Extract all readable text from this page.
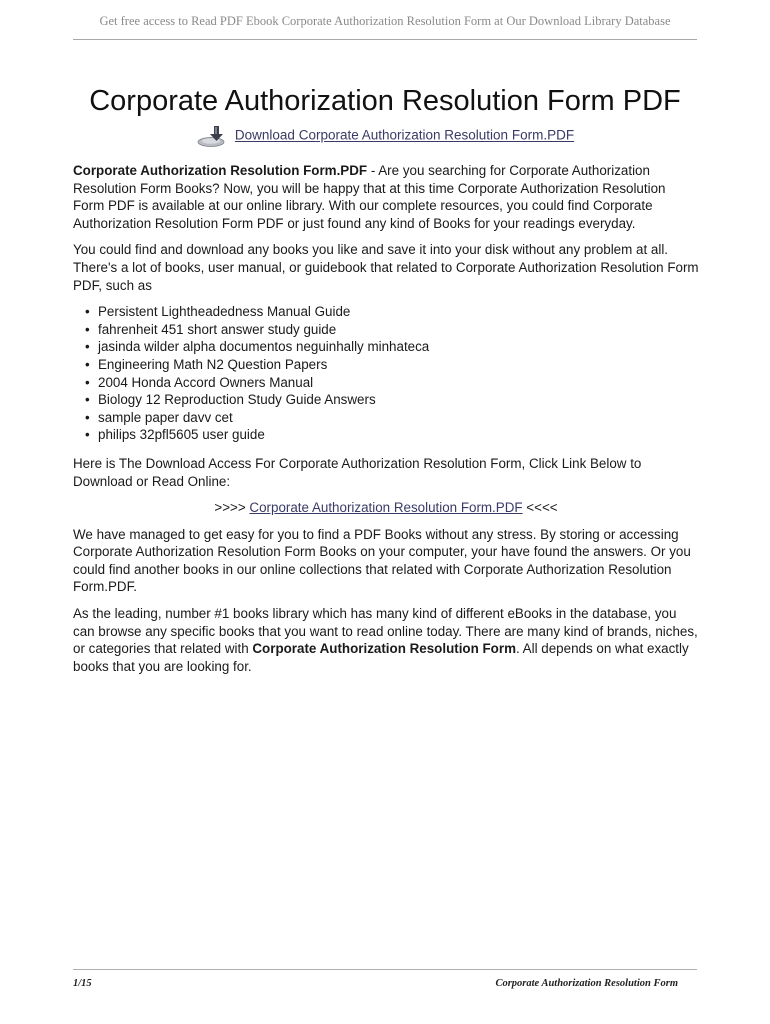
Get free access to Read PDF Ebook Corporate Authorization Resolution Form at Our Download Library Database
Corporate Authorization Resolution Form PDF
Download Corporate Authorization Resolution Form.PDF

Corporate Authorization Resolution Form.PDF - Are you searching for Corporate Authorization Resolution Form Books? Now, you will be happy that at this time Corporate Authorization Resolution Form PDF is available at our online library. With our complete resources, you could find Corporate Authorization Resolution Form PDF or just found any kind of Books for your readings everyday.

You could find and download any books you like and save it into your disk without any problem at all. There's a lot of books, user manual, or guidebook that related to Corporate Authorization Resolution Form PDF, such as

• Persistent Lightheadedness Manual Guide
• fahrenheit 451 short answer study guide
• jasinda wilder alpha documentos neguinhally minhateca
• Engineering Math N2 Question Papers
• 2004 Honda Accord Owners Manual
• Biology 12 Reproduction Study Guide Answers
• sample paper davv cet
• philips 32pfl5605 user guide

Here is The Download Access For Corporate Authorization Resolution Form, Click Link Below to Download or Read Online:

>>>> Corporate Authorization Resolution Form.PDF <<<<

We have managed to get easy for you to find a PDF Books without any stress. By storing or accessing Corporate Authorization Resolution Form Books on your computer, your have found the answers. Or you could find another books in our online collections that related with Corporate Authorization Resolution Form.PDF.

As the leading, number #1 books library which has many kind of different eBooks in the database, you can browse any specific books that you want to read online today. There are many kind of brands, niches, or categories that related with Corporate Authorization Resolution Form. All depends on what exactly books that you are looking for.

1/15	Corporate Authorization Resolution Form
